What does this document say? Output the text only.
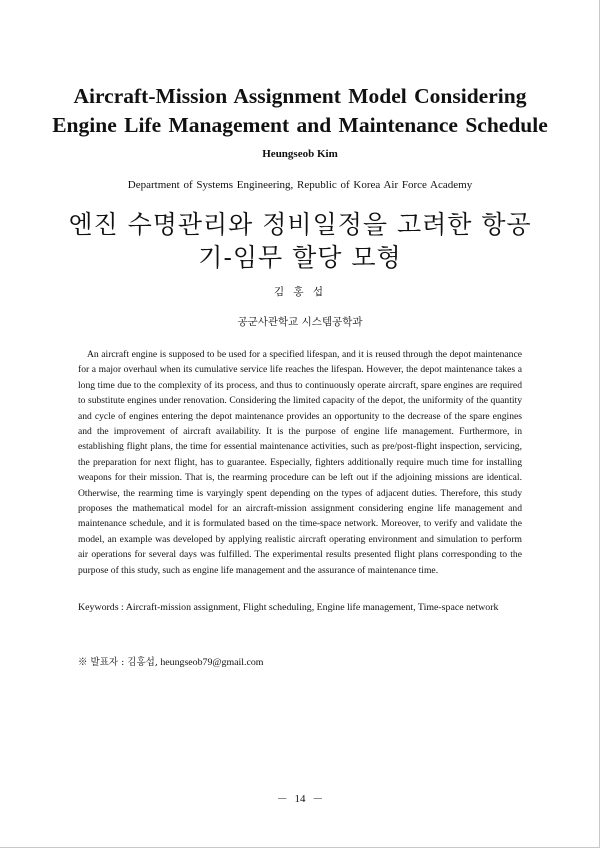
Aircraft-Mission Assignment Model Considering Engine Life Management and Maintenance Schedule
Heungseob Kim
Department of Systems Engineering, Republic of Korea Air Force Academy
엔진 수명관리와 정비일정을 고려한 항공기-임무 할당 모형
김 홍 섭
공군사관학교 시스템공학과

An aircraft engine is supposed to be used for a specified lifespan, and it is reused through the depot maintenance for a major overhaul when its cumulative service life reaches the lifespan. However, the depot maintenance takes a long time due to the complexity of its process, and thus to continuously operate aircraft, spare engines are required to substitute engines under renovation. Considering the limited capacity of the depot, the uniformity of the quantity and cycle of engines entering the depot maintenance provides an opportunity to the decrease of the spare engines and the improvement of aircraft availability. It is the purpose of engine life management. Furthermore, in establishing flight plans, the time for essential maintenance activities, such as pre/post-flight inspection, servicing, the preparation for next flight, has to guarantee. Especially, fighters additionally require much time for installing weapons for their mission. That is, the rearming procedure can be left out if the adjoining missions are identical. Otherwise, the rearming time is varyingly spent depending on the types of adjacent duties. Therefore, this study proposes the mathematical model for an aircraft-mission assignment considering engine life management and maintenance schedule, and it is formulated based on the time-space network. Moreover, to verify and validate the model, an example was developed by applying realistic aircraft operating environment and simulation to perform air operations for several days was fulfilled. The experimental results presented flight plans corresponding to the purpose of this study, such as engine life management and the assurance of maintenance time.

Keywords : Aircraft-mission assignment, Flight scheduling, Engine life management, Time-space network
※ 발표자 : 김홍섭, heungseob79@gmail.com
－ 14 －
